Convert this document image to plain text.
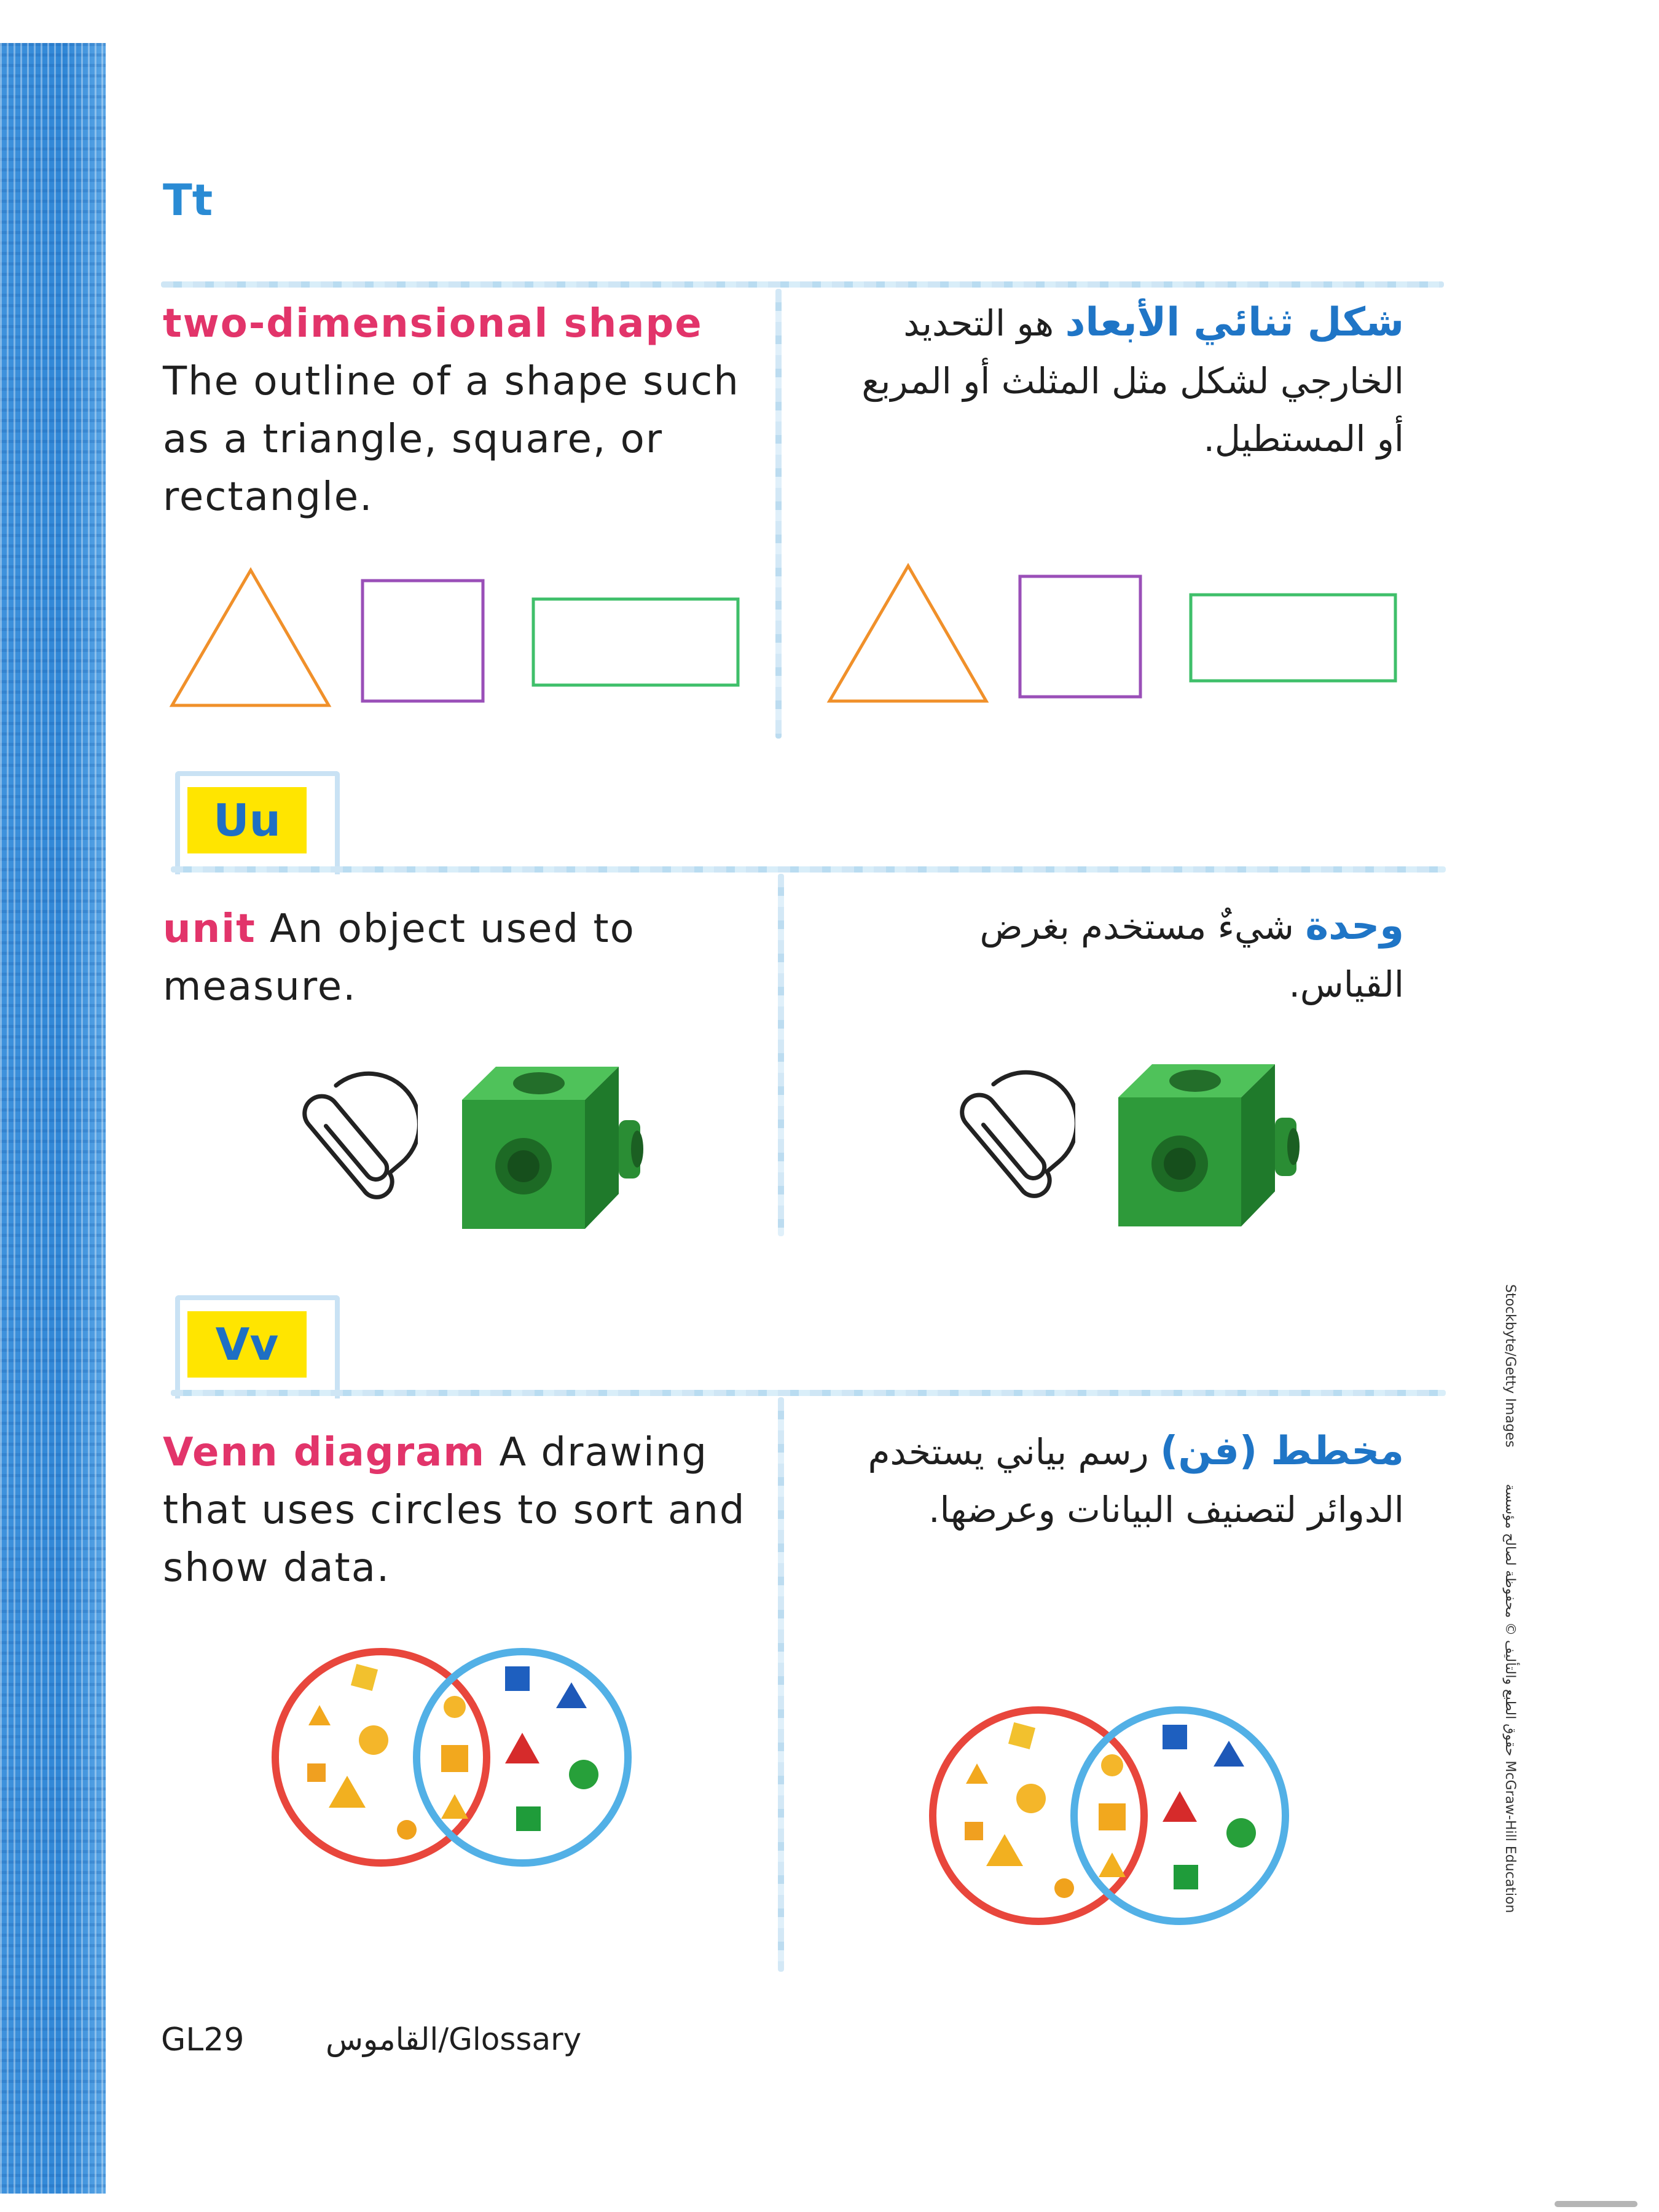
Tt
two-dimensional shape The outline of a shape such as a triangle, square, or rectangle.
شكل ثنائي الأبعاد هو التحديد الخارجي لشكل مثل المثلث أو المربع أو المستطيل.
Uu
unit An object used to measure.
وحدة شيءٌ مستخدم بغرض القياس.
Vv
Venn diagram A drawing that uses circles to sort and show data.
مخطط (فن) رسم بياني يستخدم الدوائر لتصنيف البيانات وعرضها.
Stockbyte/Getty Images
حقوق الطبع والتأليف © محفوظة لصالح مؤسسة McGraw-Hill Education
GL29	القاموس/Glossary
